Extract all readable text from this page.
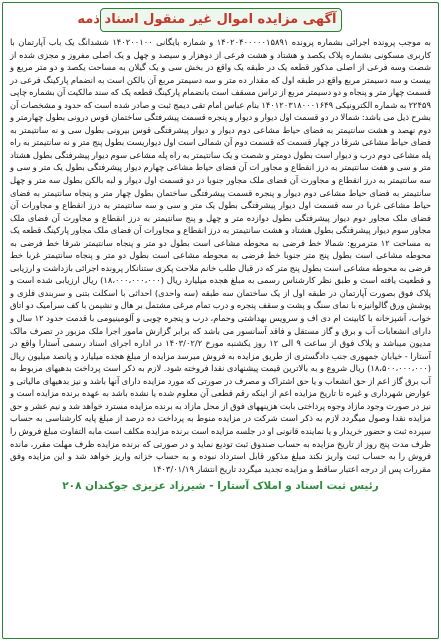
آگهی مزایده اموال غیر منقول اسناد ذمه

به موجب پرونده اجرائی بشماره پرونده ۱۴۰۲۰۴۰۰۰۰۰۱۵۸۹۱ و شماره بایگانی ۱۴۰۲۰۰۱۰۰ ششدانگ یک باب آپارتمان با کاربری مسکونی بشماره پلاک یکصد و هشتاد و هشت فرعی از دوهزار و سیصد و چهل و یک اصلی مفروز و مجزی شده از شصت وسه فرعی از اصلی مذکور قطعه یک در طبقه یک واقع در بخش سی و یک گیلان به مساحت یکصد و دو متر مربع و بیست و سه دسیمتر مربع واقع در طبقه اول که مقدار ده متر و سه دسیمتر مربع آن بالکن است به انضمام پارکینگ فرعی در قسمت چهار متر و پنجاه و دو دسیمتر مربع از تراس مسقف است بانضمام پارکینگ قطعه یک که سند مالکیت آن بشماره چاپی ۲۲۴۵۹ به شماره الکترونیکی ۱۴۰۱۲۰۳۱۸۰۰۰۱۶۴۹ بنام عباس امام تقی دیمج ثبت و صادر شده است که حدود و مشخصات آن بشرح ذیل می باشد: شمالا در دو قسمت اول دیوار و دیوار و پنجره قسمت پیشرفتگی ساختمان قوس درونی بطول چهارمتر و دوم نهصد و هشت سانتیمتر به فضای حیاط مشاعی دوم دیوار و دیوار پیشرفتگی قوس بیرونی بطول سی و نه سانتیمتر به فضای حیاط مشاعی شرقا در چهار قسمت که قسمت دوم آن شمالی است اول دیواریست بطول پنج متر و نه سانتیمتر به راه پله مشاعی دوم درب و دیوار است بطول دومتر و شصت و یک سانتیمتر به راه پله مشاعی سوم دیوار پیشرفتگی بطول هشتاد متر و سی و هفت سانتیمتر به درز انقطاع و مجاور ات آن فضای حیاط مشاعی چهارم دیوار پیشرفتگی بطول یک متر و سی و سه سانتیمتر به درز انقطاع و مجاورت آن فضای ملک مجاور جنوبا در دو قسمت اول دیوار و لبه بالکن بطول سه متر و چهل سانتیمتر به فضای حیاط مشاعی دوم دیوار و پنجره قسمت پیشرفتگی ساختمان بطول چهار متر و پنجاه سانتیمتر به فضای حیاط مشاعی غربا در سه قسمت اول دیوار پیشرفتگی بطول یک متر و سی و سه سانتیمتر به درز انقطاع و مجاورات آن فضای ملک مجاور دوم دیوار پیشرفتگی بطول دوازده متر و چهل و پنج سانتیمتر به درز انقطاع و مجاورت آن فضای ملک مجاور سوم دیوار پیشرفتگی بطول هشتاد و هشت سانتیمتر به درز انقطاع و مجاورات آن فضای ملک مجاور پارکینگ قطعه یک به مساحت ۱۲ مترمربع: شمالا خط فرضی به محوطه مشاعی است بطول دو متر و پنجاه سانتیمتر شرقا خط فرضی به محوطه مشاعی است بطول پنج متر جنوبا خط فرضی به محوطه مشاعی است بطول دو متر و پنجاه سانتیمتر غربا خط فرضی به محوطه مشاعی است بطول پنج متر که در قبال طلب خانم ملاحت پکری ستنانکار پرونده اجرائی بازداشت و ارزیابی و قطعیت یافته است و طبق نظر کارشناس رسمی به مبلغ هجده میلیارد ریال (۱۸،۰۰۰،۰۰۰،۰۰۰) ریال ارزیابی شده است و پلاک فوق بصورت آپارتمان در طبقه اول از یک ساختمان سه طبقه (سه واحدی) احداثی با اسکلت بتنی و سربندی فلزی و پوشش ورق گالوانیزه با نمای سنگ و پشت و سقف پنجره و درب تمام مرغی مشتمل بر هال و نشیمن با کف سرامیک دو اتاق خواب، آشپزخانه با کابینت ام دی اف و سرویس بهداشتی وحمام، درب و پنجره چوبی و آلومینیومی با قدمت حدود ۱۲ سال و دارای انشعابات آب و برق و گاز مستقل و فاقد آسانسور می باشد که برابر گزارش مامور اجرا ملک مزبور در تصرف مالک مدیون میباشد و پلاک فوق از ساعت ۹ الی ۱۲ روز یکشنبه مورخ ۱۴۰۳/۰۲/۲ در اداره اجرای اسناد رسمی آستارا واقع در آستارا - خیابان جمهوری جنب دادگستری از طریق مزایده به فروش میرسد مزایده از مبلغ هجده میلیارد و پانصد میلیون ریال (۱۸،۵۰۰،۰۰۰،۰۰۰) ریال شروع و به بالاترین قیمت پیشنهادی نقدا فروخته شود. لازم به ذکر است پرداخت بدهیهای مربوط به آب برق گاز اعم از حق انشعاب و یا حق اشتراک و مصرف در صورتی که مورد مزایده دارای آنها باشد و نیز بدهیهای مالیاتی و عوارض شهرداری و غیره تا تاریخ مزایده اعم از اینکه رقم قطعی آن معلوم شده یا نشده باشد به عهده برنده مزایده است و نیز در صورت وجود مازاد وجوه پرداختی بابت هزینههای فوق از محل مازاد به برنده مزایده مسترد خواهد شد و نیم عشر و حق مزایده نقدا وصول میگردد لازم به ذکر است شرکت در مزایده منوط به پرداخت ده درصد از مبلغ پایه کارشناسی به حساب سپرده ثبت و حضور خریدار و یا نماینده قانونی او در جلسه مزایده است برنده مزایده مکلف است مابه التفاوت مبلغ فروش را ظرف مدت پنج روز از تاریخ مزایده به حساب صندوق ثبت تودیع نماید و در صورتی که برنده مزایده ظرف مهلت مقرر، مانده فروش را به حساب ثبت واریز نکند مبلغ مذکور قابل استرداد نبوده و به حساب خزانه واریز خواهد شد و این مزایده وفق مقررات پس از درجه اعتبار ساقط و مزایده تجدید میگردد تاریخ انتشار ۱۴۰۳/۰۱/۱۹

رئیس ثبت اسناد و املاک آستارا - شیرزاد عزیزی جوکندان ۲۰۸
